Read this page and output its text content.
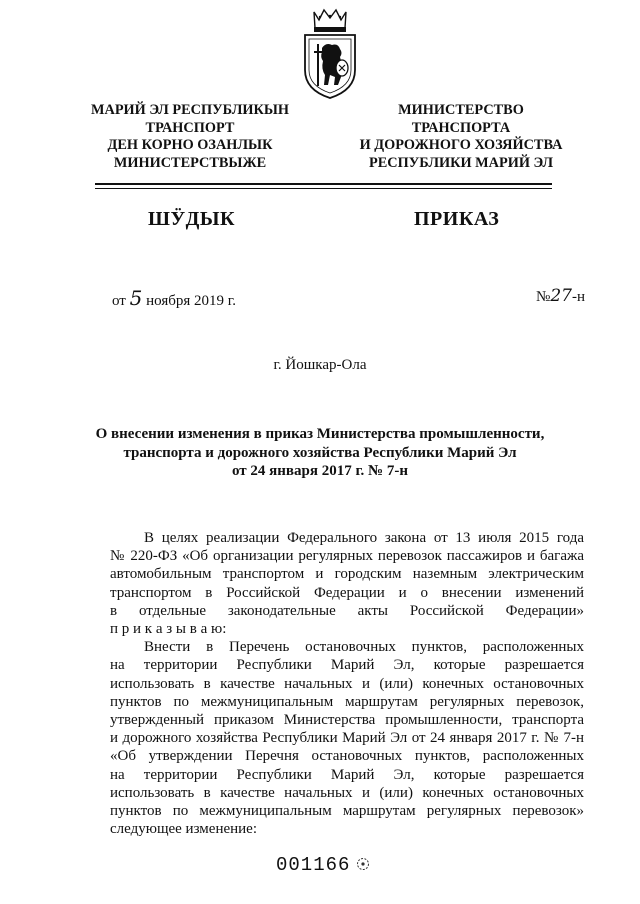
МАРИЙ ЭЛ РЕСПУБЛИКЫН
ТРАНСПОРТ
ДЕН КОРНО ОЗАНЛЫК
МИНИСТЕРСТВЫЖЕ
МИНИСТЕРСТВО
ТРАНСПОРТА
И ДОРОЖНОГО ХОЗЯЙСТВА
РЕСПУБЛИКИ МАРИЙ ЭЛ
ШӰДЫК	ПРИКАЗ
от 5 ноября 2019 г.	№27-н
г. Йошкар-Ола
О внесении изменения в приказ Министерства промышленности,
транспорта и дорожного хозяйства Республики Марий Эл
от 24 января 2017 г. № 7-н
В целях реализации Федерального закона от 13 июля 2015 года
№ 220-ФЗ «Об организации регулярных перевозок пассажиров и багажа
автомобильным транспортом и городским наземным электрическим
транспортом в Российской Федерации и о внесении изменений
в отдельные законодательные акты Российской Федерации»
п р и к а з ы в а ю:
Внести в Перечень остановочных пунктов, расположенных
на территории Республики Марий Эл, которые разрешается
использовать в качестве начальных и (или) конечных остановочных
пунктов по межмуниципальным маршрутам регулярных перевозок,
утвержденный приказом Министерства промышленности, транспорта
и дорожного хозяйства Республики Марий Эл от 24 января 2017 г. № 7-н
«Об утверждении Перечня остановочных пунктов, расположенных
на территории Республики Марий Эл, которые разрешается
использовать в качестве начальных и (или) конечных остановочных
пунктов по межмуниципальным маршрутам регулярных перевозок»
следующее изменение:
001166
